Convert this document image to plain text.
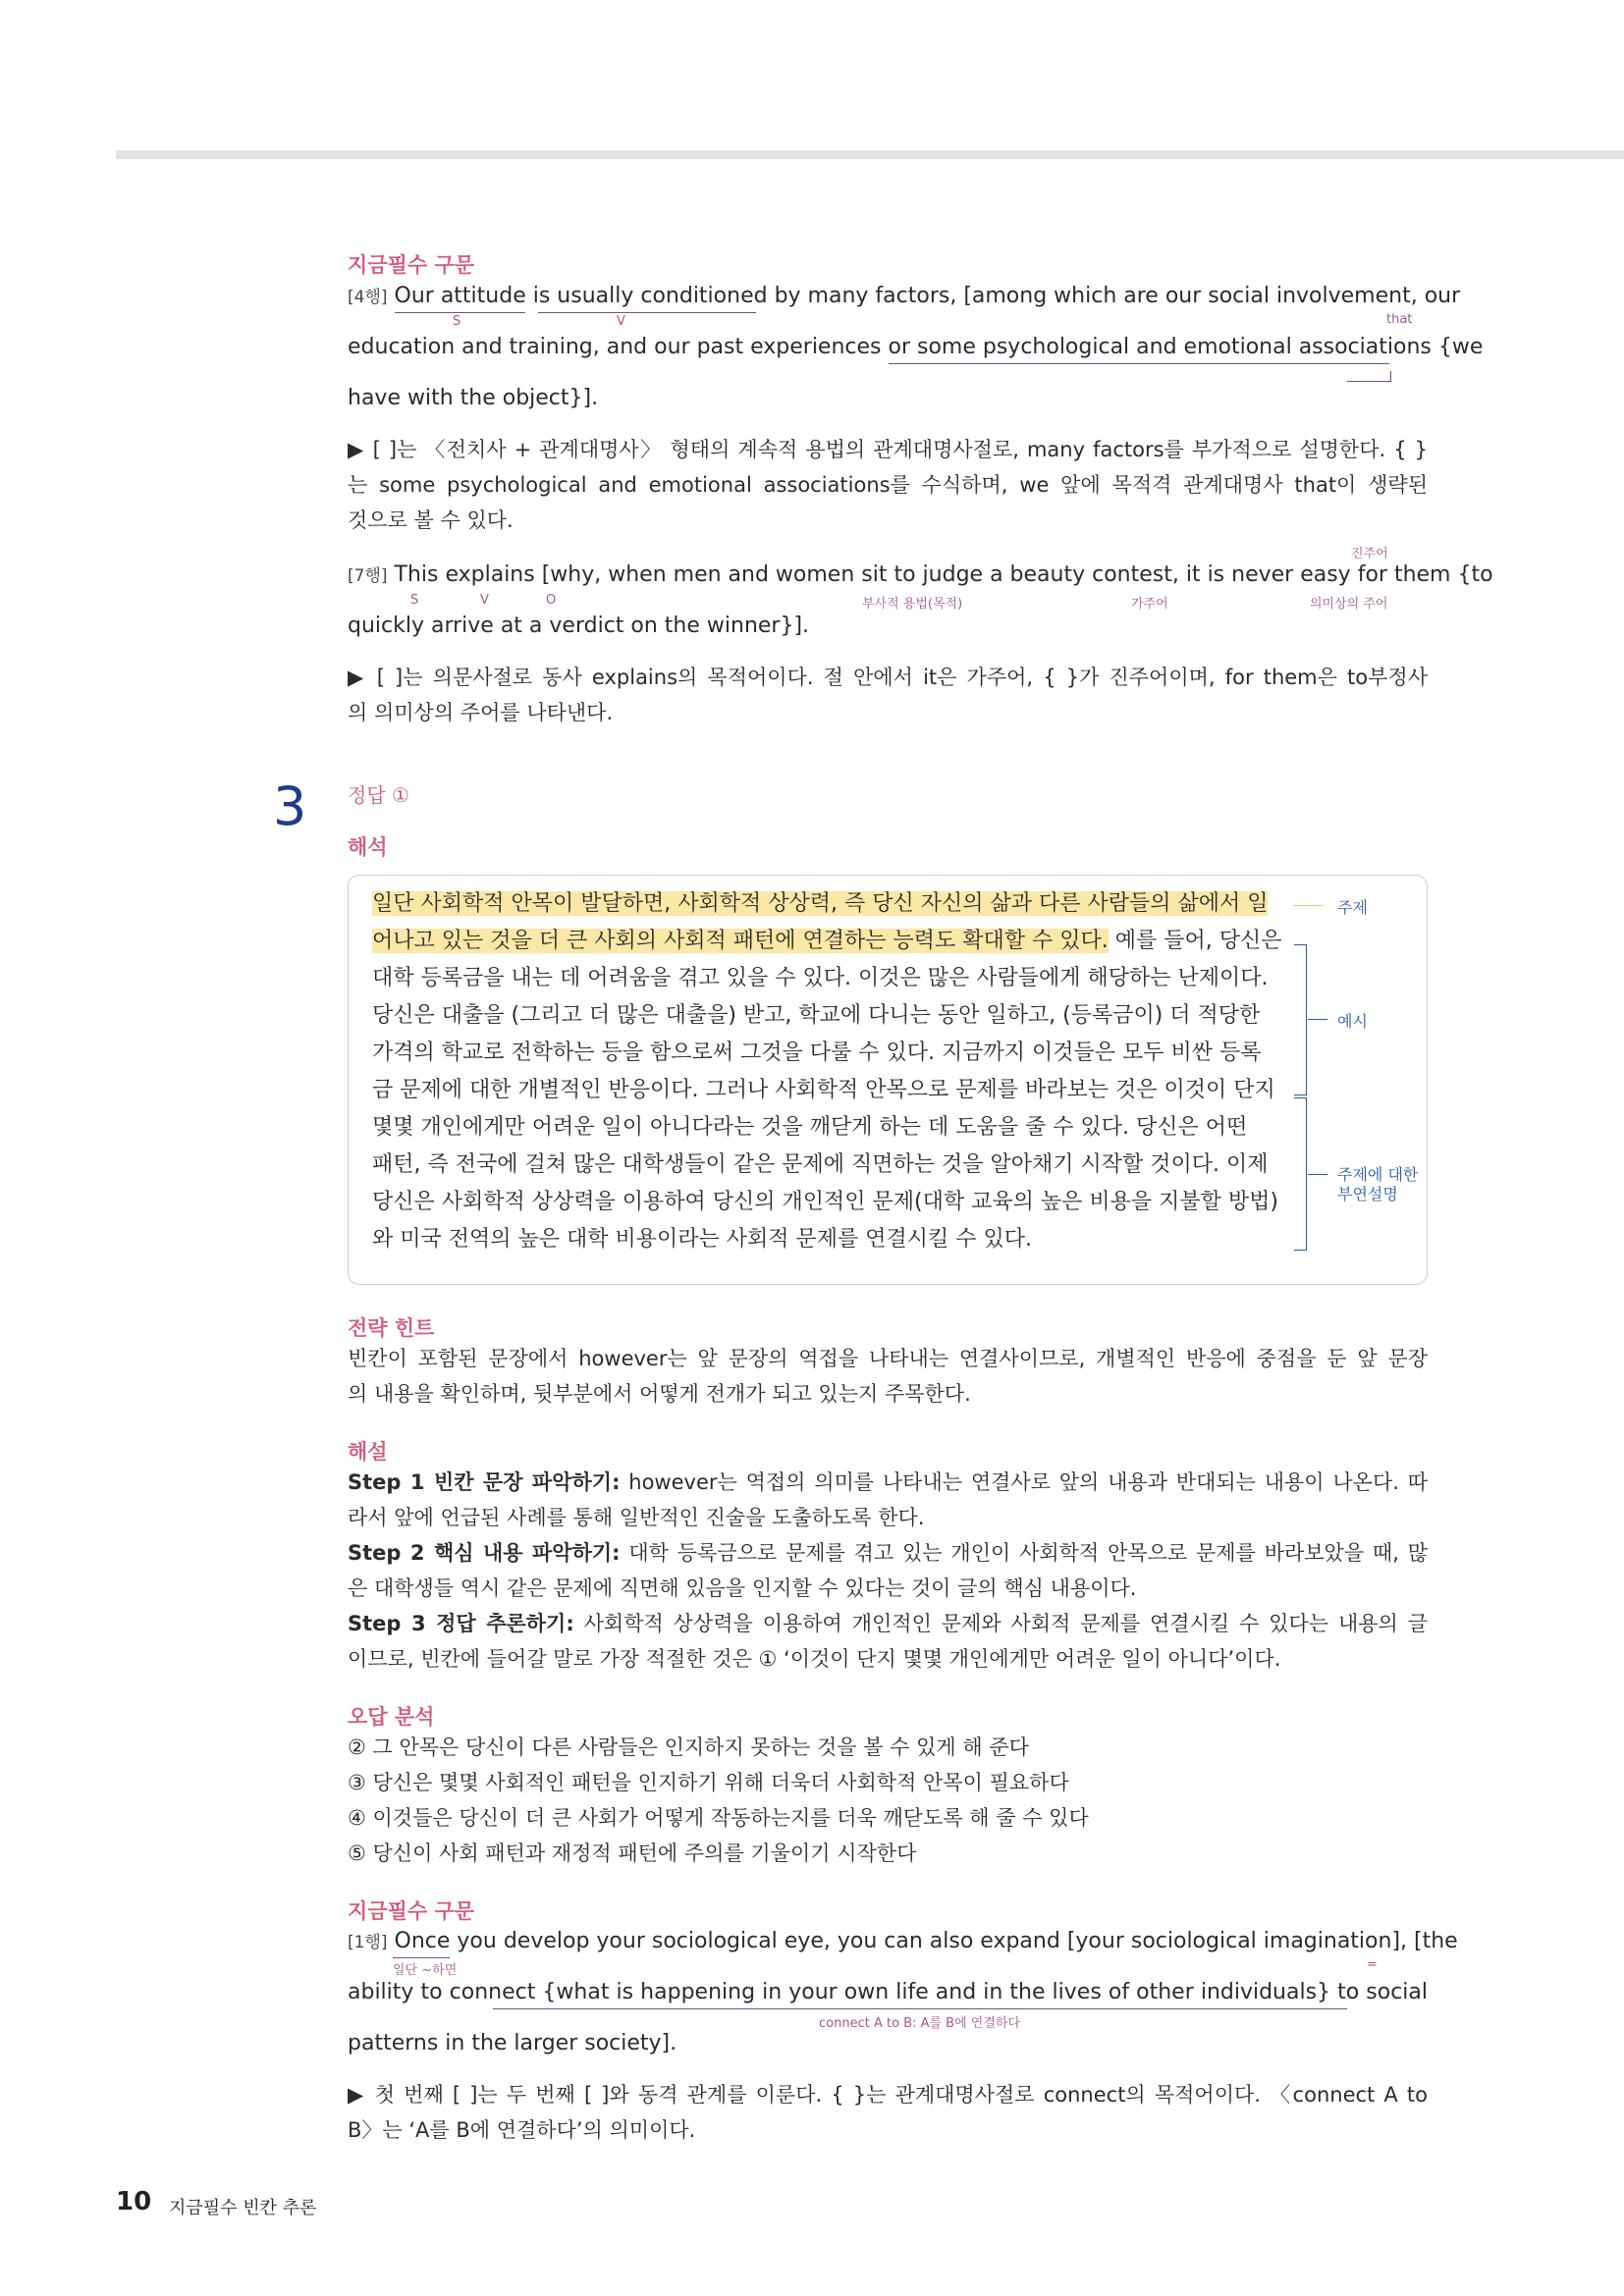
지금필수 구문
[4행] Our attitude is usually conditioned by many factors, [among which are our social involvement, our
S	V	that
education and training, and our past experiences or some psychological and emotional associations {we
have with the object}].
▶ [ ]는 〈전치사 + 관계대명사〉 형태의 계속적 용법의 관계대명사절로, many factors를 부가적으로 설명한다. { }
는 some psychological and emotional associations를 수식하며, we 앞에 목적격 관계대명사 that이 생략된
것으로 볼 수 있다.
진주어
[7행] This explains [why, when men and women sit to judge a beauty contest, it is never easy for them {to
S	V	O	부사적 용법(목적)	가주어	의미상의 주어
quickly arrive at a verdict on the winner}].
▶ [ ]는 의문사절로 동사 explains의 목적어이다. 절 안에서 it은 가주어, { }가 진주어이며, for them은 to부정사
의 의미상의 주어를 나타낸다.
3 정답 ①
해석
일단 사회학적 안목이 발달하면, 사회학적 상상력, 즉 당신 자신의 삶과 다른 사람들의 삶에서 일
어나고 있는 것을 더 큰 사회의 사회적 패턴에 연결하는 능력도 확대할 수 있다. 예를 들어, 당신은
대학 등록금을 내는 데 어려움을 겪고 있을 수 있다. 이것은 많은 사람들에게 해당하는 난제이다.
당신은 대출을 (그리고 더 많은 대출을) 받고, 학교에 다니는 동안 일하고, (등록금이) 더 적당한
가격의 학교로 전학하는 등을 함으로써 그것을 다룰 수 있다. 지금까지 이것들은 모두 비싼 등록
금 문제에 대한 개별적인 반응이다. 그러나 사회학적 안목으로 문제를 바라보는 것은 이것이 단지
몇몇 개인에게만 어려운 일이 아니다라는 것을 깨닫게 하는 데 도움을 줄 수 있다. 당신은 어떤
패턴, 즉 전국에 걸쳐 많은 대학생들이 같은 문제에 직면하는 것을 알아채기 시작할 것이다. 이제
당신은 사회학적 상상력을 이용하여 당신의 개인적인 문제(대학 교육의 높은 비용을 지불할 방법)
와 미국 전역의 높은 대학 비용이라는 사회적 문제를 연결시킬 수 있다.
주제
예시
주제에 대한
부연설명
전략 힌트
빈칸이 포함된 문장에서 however는 앞 문장의 역접을 나타내는 연결사이므로, 개별적인 반응에 중점을 둔 앞 문장
의 내용을 확인하며, 뒷부분에서 어떻게 전개가 되고 있는지 주목한다.
해설
Step 1 빈칸 문장 파악하기: however는 역접의 의미를 나타내는 연결사로 앞의 내용과 반대되는 내용이 나온다. 따
라서 앞에 언급된 사례를 통해 일반적인 진술을 도출하도록 한다.
Step 2 핵심 내용 파악하기: 대학 등록금으로 문제를 겪고 있는 개인이 사회학적 안목으로 문제를 바라보았을 때, 많
은 대학생들 역시 같은 문제에 직면해 있음을 인지할 수 있다는 것이 글의 핵심 내용이다.
Step 3 정답 추론하기: 사회학적 상상력을 이용하여 개인적인 문제와 사회적 문제를 연결시킬 수 있다는 내용의 글
이므로, 빈칸에 들어갈 말로 가장 적절한 것은 ① ‘이것이 단지 몇몇 개인에게만 어려운 일이 아니다’이다.
오답 분석
② 그 안목은 당신이 다른 사람들은 인지하지 못하는 것을 볼 수 있게 해 준다
③ 당신은 몇몇 사회적인 패턴을 인지하기 위해 더욱더 사회학적 안목이 필요하다
④ 이것들은 당신이 더 큰 사회가 어떻게 작동하는지를 더욱 깨닫도록 해 줄 수 있다
⑤ 당신이 사회 패턴과 재정적 패턴에 주의를 기울이기 시작한다
지금필수 구문
[1행] Once you develop your sociological eye, you can also expand [your sociological imagination], [the
일단 ~하면	=
ability to connect {what is happening in your own life and in the lives of other individuals} to social
connect A to B: A를 B에 연결하다
patterns in the larger society].
▶ 첫 번째 [ ]는 두 번째 [ ]와 동격 관계를 이룬다. { }는 관계대명사절로 connect의 목적어이다. 〈connect A to
B〉는 ‘A를 B에 연결하다’의 의미이다.
10 지금필수 빈칸 추론
